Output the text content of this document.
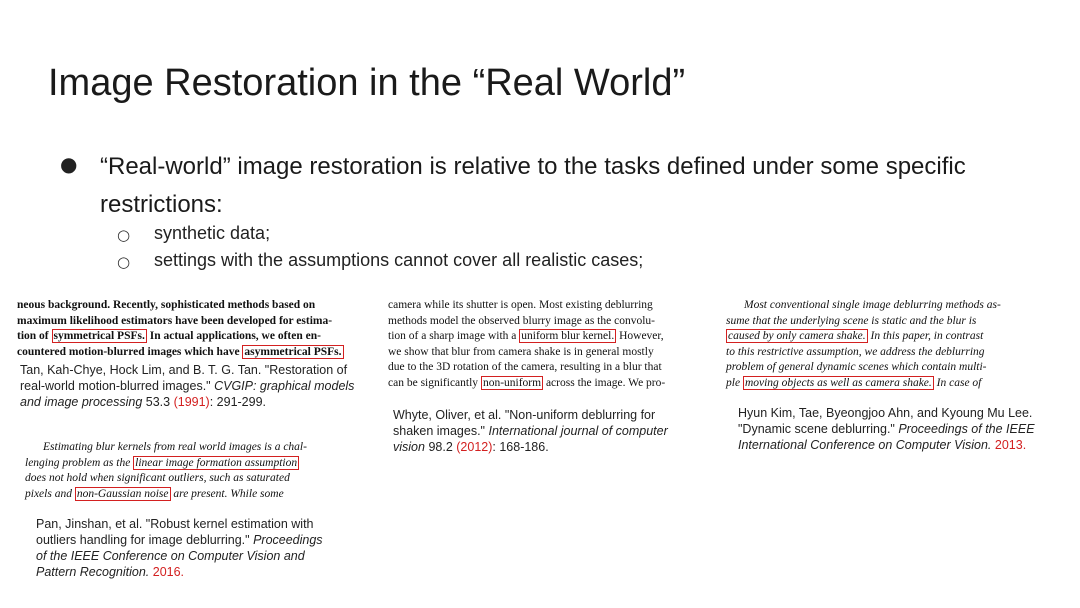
Image Restoration in the “Real World”
● “Real-world” image restoration is relative to the tasks defined under some specific restrictions:
○ synthetic data;
○ settings with the assumptions cannot cover all realistic cases;
neous background. Recently, sophisticated methods based on
maximum likelihood estimators have been developed for estima-
tion of symmetrical PSFs. In actual applications, we often en-
countered motion-blurred images which have asymmetrical PSFs.
Tan, Kah-Chye, Hock Lim, and B. T. G. Tan. "Restoration of real-world motion-blurred images." CVGIP: graphical models and image processing 53.3 (1991): 291-299.
Estimating blur kernels from real world images is a chal-
lenging problem as the linear image formation assumption
does not hold when significant outliers, such as saturated
pixels and non-Gaussian noise are present. While some
Pan, Jinshan, et al. "Robust kernel estimation with outliers handling for image deblurring." Proceedings of the IEEE Conference on Computer Vision and Pattern Recognition. 2016.
camera while its shutter is open. Most existing deblurring
methods model the observed blurry image as the convolu-
tion of a sharp image with a uniform blur kernel. However,
we show that blur from camera shake is in general mostly
due to the 3D rotation of the camera, resulting in a blur that
can be significantly non-uniform across the image. We pro-
Whyte, Oliver, et al. "Non-uniform deblurring for shaken images." International journal of computer vision 98.2 (2012): 168-186.
Most conventional single image deblurring methods as-
sume that the underlying scene is static and the blur is
caused by only camera shake. In this paper, in contrast
to this restrictive assumption, we address the deblurring
problem of general dynamic scenes which contain multi-
ple moving objects as well as camera shake. In case of
Hyun Kim, Tae, Byeongjoo Ahn, and Kyoung Mu Lee. "Dynamic scene deblurring." Proceedings of the IEEE International Conference on Computer Vision. 2013.
